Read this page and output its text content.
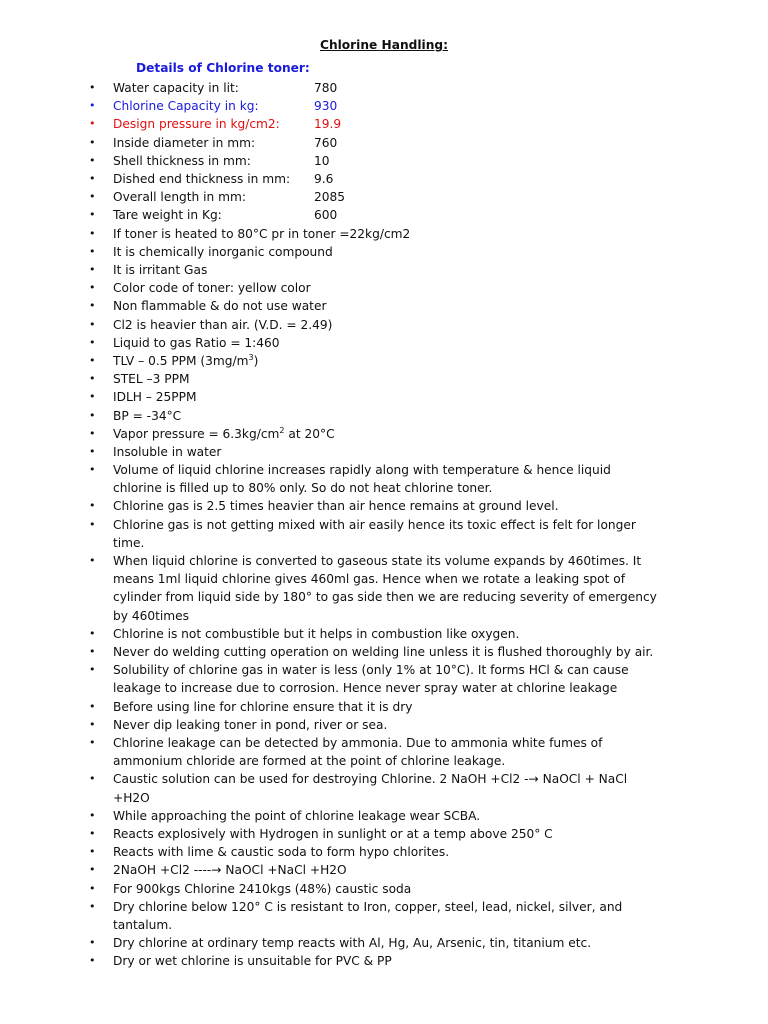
Chlorine Handling:
Details of Chlorine toner:
• Water capacity in lit:	780
• Chlorine Capacity in kg:	930
• Design pressure in kg/cm2:	19.9
• Inside diameter in mm:	760
• Shell thickness in mm:	10
• Dished end thickness in mm: 9.6
• Overall length in mm:	2085
• Tare weight in Kg:	600
• If toner is heated to 80°C pr in toner =22kg/cm2
• It is chemically inorganic compound
• It is irritant Gas
• Color code of toner: yellow color
• Non flammable & do not use water
• Cl2 is heavier than air. (V.D. = 2.49)
• Liquid to gas Ratio = 1:460
• TLV – 0.5 PPM $(3mg/m^3)$
• STEL –3 PPM
• IDLH – 25PPM
• BP = -34°C
• Vapor pressure = $6.3kg/cm^2$ at 20°C
• Insoluble in water
• Volume of liquid chlorine increases rapidly along with temperature & hence liquid chlorine is filled up to 80% only. So do not heat chlorine toner.
• Chlorine gas is 2.5 times heavier than air hence remains at ground level.
• Chlorine gas is not getting mixed with air easily hence its toxic effect is felt for longer time.
• When liquid chlorine is converted to gaseous state its volume expands by 460times. It means 1ml liquid chlorine gives 460ml gas. Hence when we rotate a leaking spot of cylinder from liquid side by 180° to gas side then we are reducing severity of emergency by 460times
• Chlorine is not combustible but it helps in combustion like oxygen.
• Never do welding cutting operation on welding line unless it is flushed thoroughly by air.
• Solubility of chlorine gas in water is less (only 1% at 10°C). It forms HCl & can cause leakage to increase due to corrosion. Hence never spray water at chlorine leakage
• Before using line for chlorine ensure that it is dry
• Never dip leaking toner in pond, river or sea.
• Chlorine leakage can be detected by ammonia. Due to ammonia white fumes of ammonium chloride are formed at the point of chlorine leakage.
• Caustic solution can be used for destroying Chlorine. 2 NaOH +Cl2 -→ NaOCl + NaCl +H2O
• While approaching the point of chlorine leakage wear SCBA.
• Reacts explosively with Hydrogen in sunlight or at a temp above 250° C
• Reacts with lime & caustic soda to form hypo chlorites.
• 2NaOH +Cl2 ----→ NaOCl +NaCl +H2O
• For 900kgs Chlorine 2410kgs (48%) caustic soda
• Dry chlorine below 120° C is resistant to Iron, copper, steel, lead, nickel, silver, and tantalum.
• Dry chlorine at ordinary temp reacts with Al, Hg, Au, Arsenic, tin, titanium etc.
• Dry or wet chlorine is unsuitable for PVC & PP
